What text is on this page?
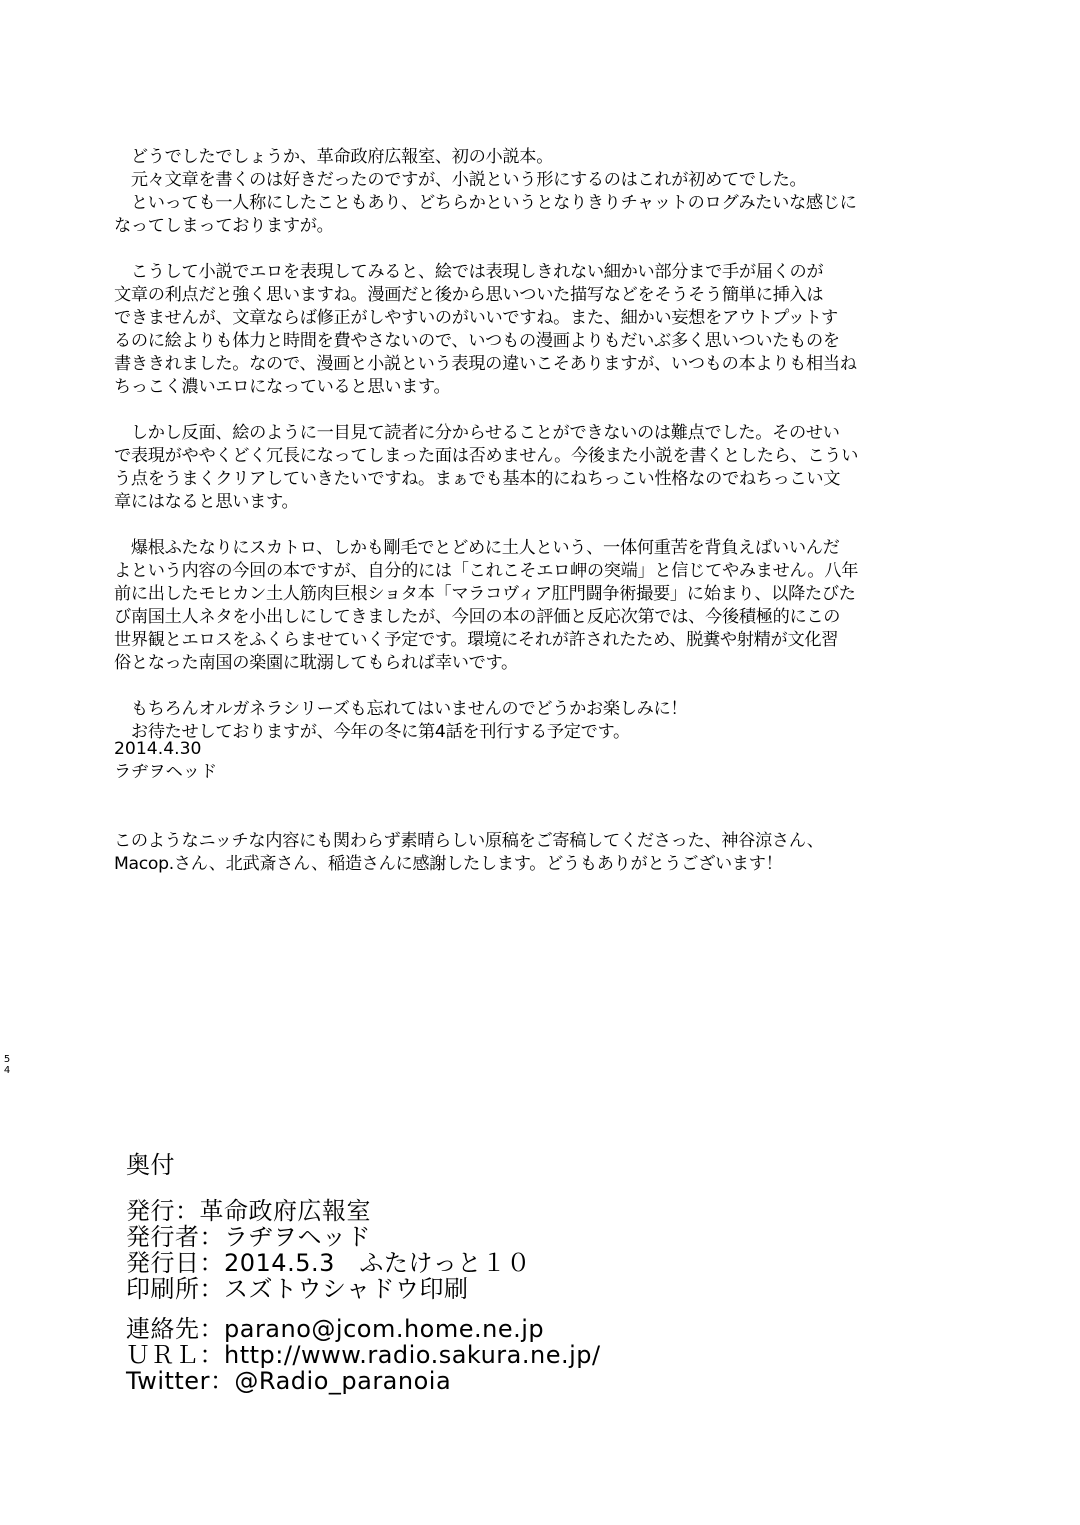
　どうでしたでしょうか、革命政府広報室、初の小説本。
　元々文章を書くのは好きだったのですが、小説という形にするのはこれが初めてでした。
　といっても一人称にしたこともあり、どちらかというとなりきりチャットのログみたいな感じに
なってしまっておりますが。
　こうして小説でエロを表現してみると、絵では表現しきれない細かい部分まで手が届くのが
文章の利点だと強く思いますね。漫画だと後から思いついた描写などをそうそう簡単に挿入は
できませんが、文章ならば修正がしやすいのがいいですね。また、細かい妄想をアウトプットす
るのに絵よりも体力と時間を費やさないので、いつもの漫画よりもだいぶ多く思いついたものを
書ききれました。なので、漫画と小説という表現の違いこそありますが、いつもの本よりも相当ね
ちっこく濃いエロになっていると思います。
　しかし反面、絵のように一目見て読者に分からせることができないのは難点でした。そのせい
で表現がややくどく冗長になってしまった面は否めません。今後また小説を書くとしたら、こうい
う点をうまくクリアしていきたいですね。まぁでも基本的にねちっこい性格なのでねちっこい文
章にはなると思います。
　爆根ふたなりにスカトロ、しかも剛毛でとどめに土人という、一体何重苦を背負えばいいんだ
よという内容の今回の本ですが、自分的には「これこそエロ岬の突端」と信じてやみません。八年
前に出したモヒカン土人筋肉巨根ショタ本「マラコヴィア肛門闘争術撮要」に始まり、以降たびた
び南国土人ネタを小出しにしてきましたが、今回の本の評価と反応次第では、今後積極的にこの
世界観とエロスをふくらませていく予定です。環境にそれが許されたため、脱糞や射精が文化習
俗となった南国の楽園に耽溺してもられば幸いです。
　もちろんオルガネラシリーズも忘れてはいませんのでどうかお楽しみに！
　お待たせしておりますが、今年の冬に第4話を刊行する予定です。
2014.4.30
ラヂヲヘッド
このようなニッチな内容にも関わらず素晴らしい原稿をご寄稿してくださった、神谷涼さん、
Macop.さん、北武斎さん、稲造さんに感謝したします。どうもありがとうございます！
奥付
発行：革命政府広報室
発行者：ラヂヲヘッド
発行日：2014.5.3　ふたけっと１０
印刷所：スズトウシャドウ印刷
連絡先：parano@jcom.home.ne.jp
ＵＲＬ：http://www.radio.sakura.ne.jp/
Twitter：@Radio_paranoia
5
4
